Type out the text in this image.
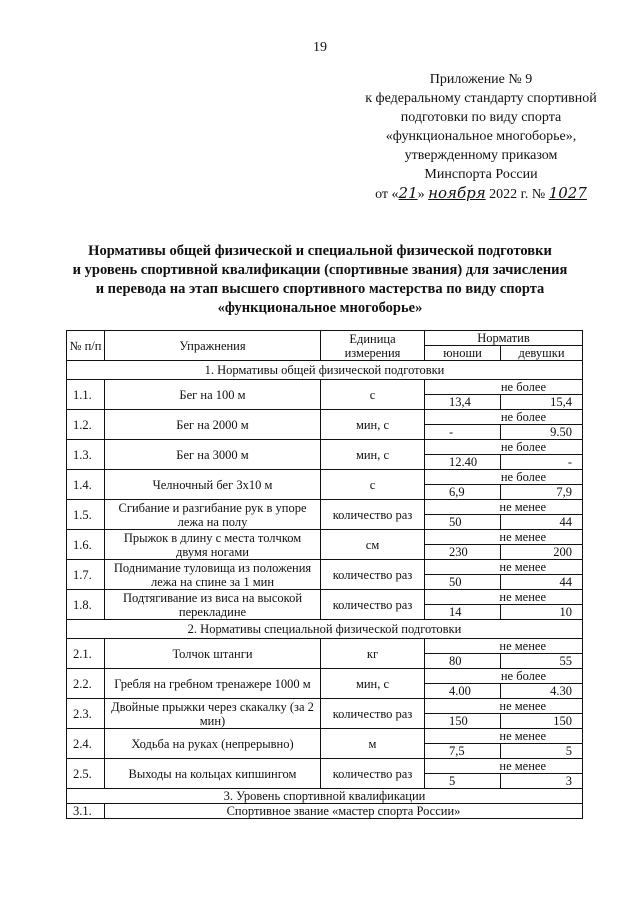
19
Приложение № 9
к федеральному стандарту спортивной
подготовки по виду спорта
«функциональное многоборье»,
утвержденному приказом
Минспорта России
от «21» ноября 2022 г. № 1027
Нормативы общей физической и специальной физической подготовки
и уровень спортивной квалификации (спортивные звания) для зачисления
и перевода на этап высшего спортивного мастерства по виду спорта
«функциональное многоборье»
№ п/п	Упражнения	Единица измерения	Норматив	
			юноши	девушки
1. Нормативы общей физической подготовки				
1.1.	Бег на 100 м	с	не более	
			13,4	15,4
1.2.	Бег на 2000 м	мин, с	не более	
			-	9.50
1.3.	Бег на 3000 м	мин, с	не более	
			12.40	-
1.4.	Челночный бег 3х10 м	с	не более	
			6,9	7,9
1.5.	Сгибание и разгибание рук в упоре лежа на полу	количество раз	не менее	
			50	44
1.6.	Прыжок в длину с места толчком двумя ногами	см	не менее	
			230	200
1.7.	Поднимание туловища из положения лежа на спине за 1 мин	количество раз	не менее	
			50	44
1.8.	Подтягивание из виса на высокой перекладине	количество раз	не менее	
			14	10
2. Нормативы специальной физической подготовки				
2.1.	Толчок штанги	кг	не менее	
			80	55
2.2.	Гребля на гребном тренажере 1000 м	мин, с	не более	
			4.00	4.30
2.3.	Двойные прыжки через скакалку (за 2 мин)	количество раз	не менее	
			150	150
2.4.	Ходьба на руках (непрерывно)	м	не менее	
			7,5	5
2.5.	Выходы на кольцах кипшингом	количество раз	не менее	
			5	3
3. Уровень спортивной квалификации				
3.1.	Спортивное звание «мастер спорта России»			
